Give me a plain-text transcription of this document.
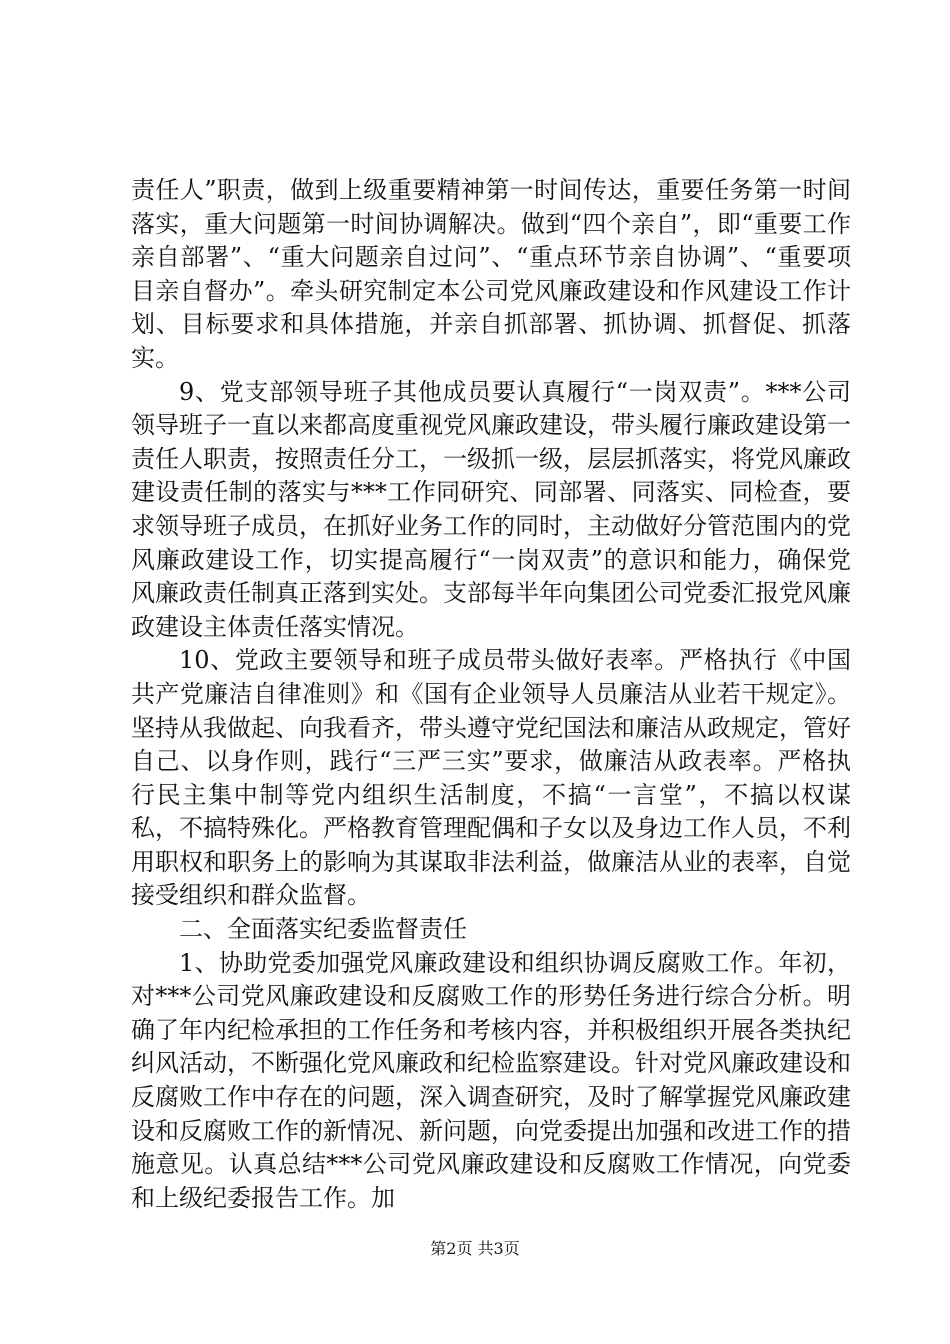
责任人”职责，做到上级重要精神第一时间传达，重要任务第一时间落实，重大问题第一时间协调解决。做到“四个亲自”，即“重要工作亲自部署”、“重大问题亲自过问”、“重点环节亲自协调”、“重要项目亲自督办”。牵头研究制定本公司党风廉政建设和作风建设工作计划、目标要求和具体措施，并亲自抓部署、抓协调、抓督促、抓落实。

9、党支部领导班子其他成员要认真履行“一岗双责”。***公司领导班子一直以来都高度重视党风廉政建设，带头履行廉政建设第一责任人职责，按照责任分工，一级抓一级，层层抓落实，将党风廉政建设责任制的落实与***工作同研究、同部署、同落实、同检查，要求领导班子成员，在抓好业务工作的同时，主动做好分管范围内的党风廉政建设工作，切实提高履行“一岗双责”的意识和能力，确保党风廉政责任制真正落到实处。支部每半年向集团公司党委汇报党风廉政建设主体责任落实情况。

10、党政主要领导和班子成员带头做好表率。严格执行《中国共产党廉洁自律准则》和《国有企业领导人员廉洁从业若干规定》。坚持从我做起、向我看齐，带头遵守党纪国法和廉洁从政规定，管好自己、以身作则，践行“三严三实”要求，做廉洁从政表率。严格执行民主集中制等党内组织生活制度，不搞“一言堂”，不搞以权谋私，不搞特殊化。严格教育管理配偶和子女以及身边工作人员，不利用职权和职务上的影响为其谋取非法利益，做廉洁从业的表率，自觉接受组织和群众监督。

二、全面落实纪委监督责任

1、协助党委加强党风廉政建设和组织协调反腐败工作。年初，对***公司党风廉政建设和反腐败工作的形势任务进行综合分析。明确了年内纪检承担的工作任务和考核内容，并积极组织开展各类执纪纠风活动，不断强化党风廉政和纪检监察建设。针对党风廉政建设和反腐败工作中存在的问题，深入调查研究，及时了解掌握党风廉政建设和反腐败工作的新情况、新问题，向党委提出加强和改进工作的措施意见。认真总结***公司党风廉政建设和反腐败工作情况，向党委和上级纪委报告工作。加

第2页 共3页
